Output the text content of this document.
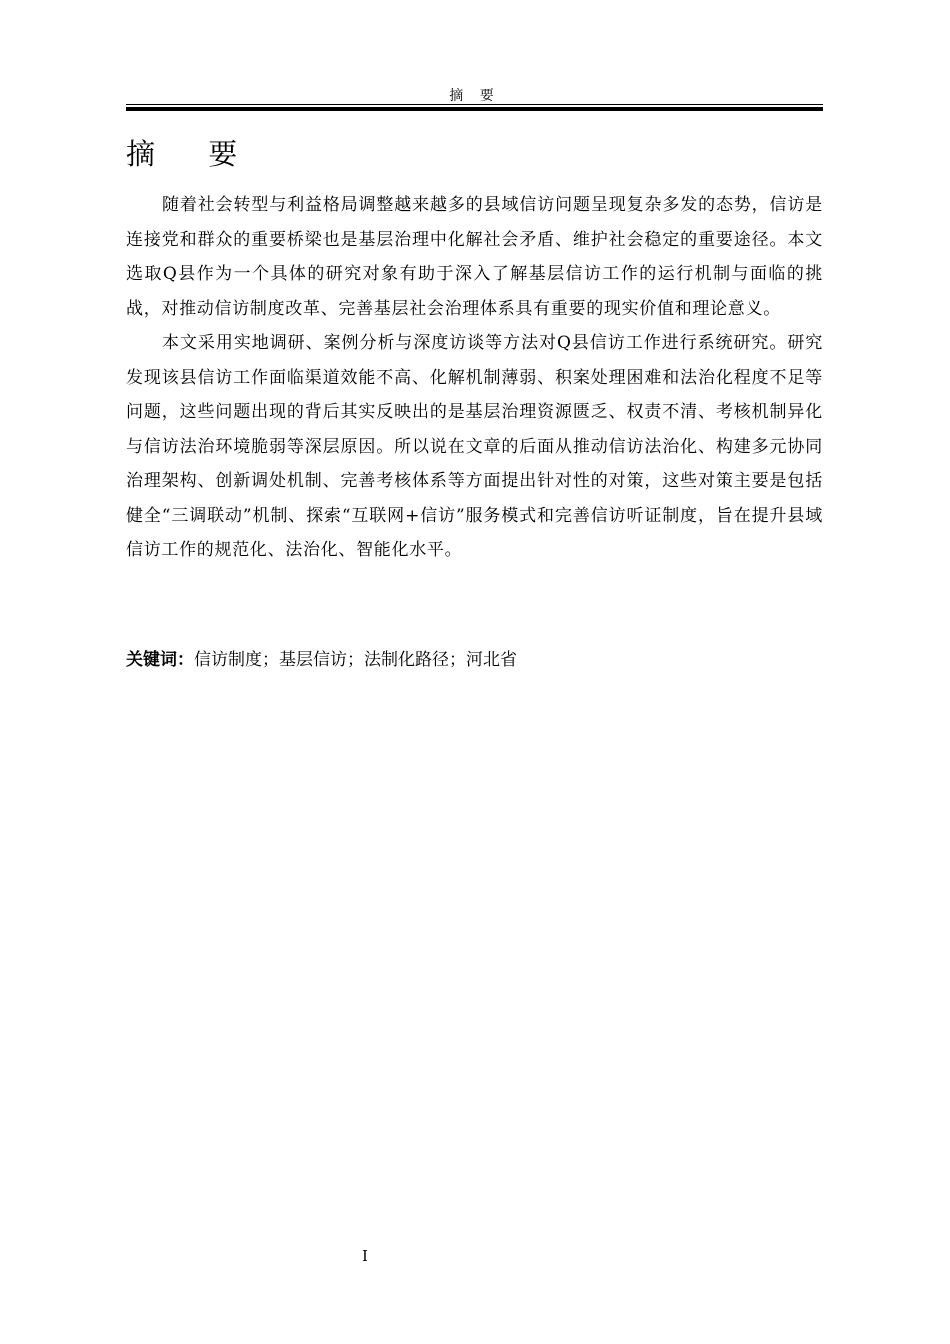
摘 要
摘 要

随着社会转型与利益格局调整越来越多的县域信访问题呈现复杂多发的态势，信访是连接党和群众的重要桥梁也是基层治理中化解社会矛盾、维护社会稳定的重要途径。本文选取Q县作为一个具体的研究对象有助于深入了解基层信访工作的运行机制与面临的挑战，对推动信访制度改革、完善基层社会治理体系具有重要的现实价值和理论意义。

本文采用实地调研、案例分析与深度访谈等方法对Q县信访工作进行系统研究。研究发现该县信访工作面临渠道效能不高、化解机制薄弱、积案处理困难和法治化程度不足等问题，这些问题出现的背后其实反映出的是基层治理资源匮乏、权责不清、考核机制异化与信访法治环境脆弱等深层原因。所以说在文章的后面从推动信访法治化、构建多元协同治理架构、创新调处机制、完善考核体系等方面提出针对性的对策，这些对策主要是包括健全“三调联动”机制、探索“互联网+信访”服务模式和完善信访听证制度，旨在提升县域信访工作的规范化、法治化、智能化水平。

关键词：信访制度；基层信访；法制化路径；河北省
I
